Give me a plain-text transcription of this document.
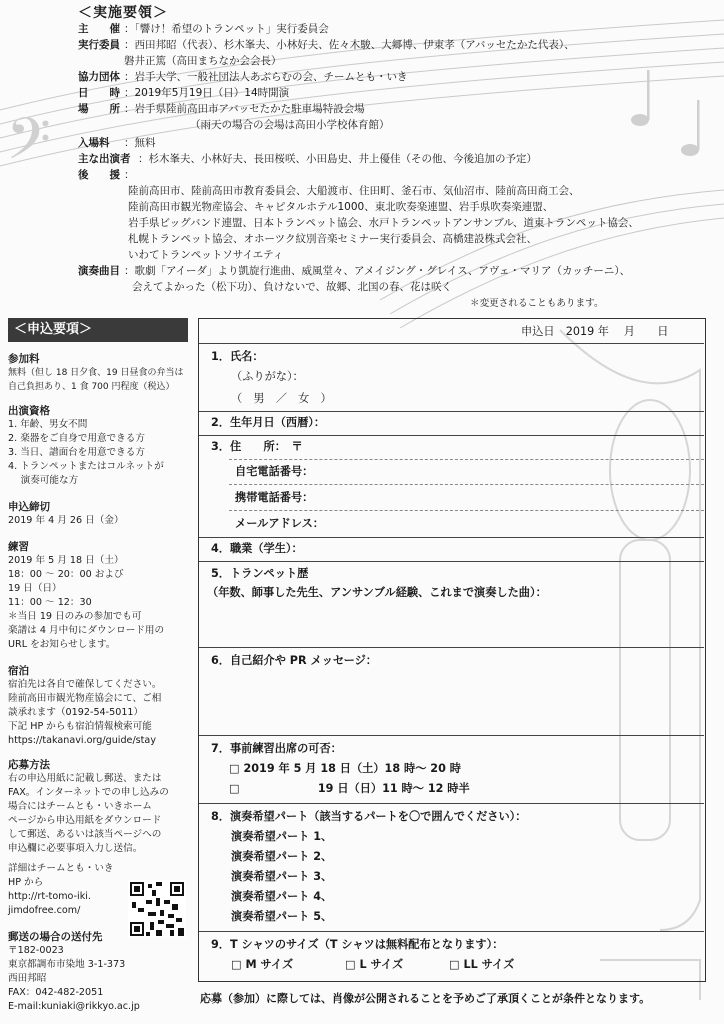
𝄢
＜実施要領＞
主　　催 ：「響け！希望のトランペット」実行委員会
実行委員 ：西田邦昭（代表）、杉木峯夫、小林好夫、佐々木駿、大郷博、伊東孝（アバッセたかた代表）、
磐井正篤（高田まちなか会会長）
協力団体 ：岩手大学、一般社団法人あぶらむの会、チームとも・いき
日　　時 ：2019年5月19日（日）14時開演
場　　所 ：岩手県陸前高田市アバッセたかた駐車場特設会場
（雨天の場合の会場は高田小学校体育館）
入場料 ：無料
主な出演者 ：杉木峯夫、小林好夫、長田桜咲、小田島史、井上優佳（その他、今後追加の予定）
後　　援 ：
陸前高田市、陸前高田市教育委員会、大船渡市、住田町、釜石市、気仙沼市、陸前高田商工会、
陸前高田市観光物産協会、キャピタルホテル1000、東北吹奏楽連盟、岩手県吹奏楽連盟、
岩手県ビッグバンド連盟、日本トランペット協会、水戸トランペットアンサンブル、道東トランペット協会、
札幌トランペット協会、オホーツク紋別音楽セミナー実行委員会、高橋建設株式会社、
いわてトランペットソサイエティ
演奏曲目 ：歌劇「アイーダ」より凱旋行進曲、威風堂々、アメイジング・グレイス、アヴェ・マリア（カッチーニ）、
会えてよかった（松下功）、負けないで、故郷、北国の春、花は咲く
＊変更されることもあります。
＜申込要項＞
参加料
無料（但し 18 日夕食、19 日昼食の弁当は
自己負担あり、1 食 700 円程度（税込）
出演資格
1. 年齢、男女不問
2. 楽器をご自身で用意できる方
3. 当日、譜面台を用意できる方
4. トランペットまたはコルネットが
　 演奏可能な方
申込締切
2019 年 4 月 26 日（金）
練習
2019 年 5 月 18 日（土）
18：00 ～ 20：00 および
19 日（日）
11：00 ～ 12：30
＊当日 19 日のみの参加でも可
楽譜は 4 月中旬にダウンロード用の
URL をお知らせします。
宿泊
宿泊先は各自で確保してください。
陸前高田市観光物産協会にて、ご相
談承れます（0192-54-5011）
下記 HP からも宿泊情報検索可能
https://takanavi.org/guide/stay
応募方法
右の申込用紙に記載し郵送、または
FAX。インターネットでの申し込みの
場合にはチームとも・いきホーム
ページから申込用紙をダウンロード
して郵送、あるいは該当ページへの
申込欄に必要事項入力し送信。
詳細はチームとも・いき
HP から
http://rt-tomo-iki.
jimdofree.com/
郵送の場合の送付先
〒182-0023
東京都調布市染地 3-1-373
西田邦昭
FAX：042-482-2051
E-mail:kuniaki@rikkyo.ac.jp
申込日　2019 年　 月　　日
1．氏名：
（ふりがな）：
（　男　／　女　）
2．生年月日（西暦）：
3．住　　所：　〒
自宅電話番号：
携帯電話番号：
メールアドレス：
4．職業（学生）：
5．トランペット歴
（年数、師事した先生、アンサンブル経験、これまで演奏した曲）：
6．自己紹介や PR メッセージ：
7．事前練習出席の可否：
□ 2019 年 5 月 18 日（土）18 時～ 20 時
□　　　　　　　19 日（日）11 時～ 12 時半
8．演奏希望パート（該当するパートを〇で囲んでください）：
演奏希望パート 1、
演奏希望パート 2、
演奏希望パート 3、
演奏希望パート 4、
演奏希望パート 5、
9．T シャツのサイズ（T シャツは無料配布となります）：
□ M サイズ	□ L サイズ	□ LL サイズ
応募（参加）に際しては、肖像が公開されることを予めご了承頂くことが条件となります。
